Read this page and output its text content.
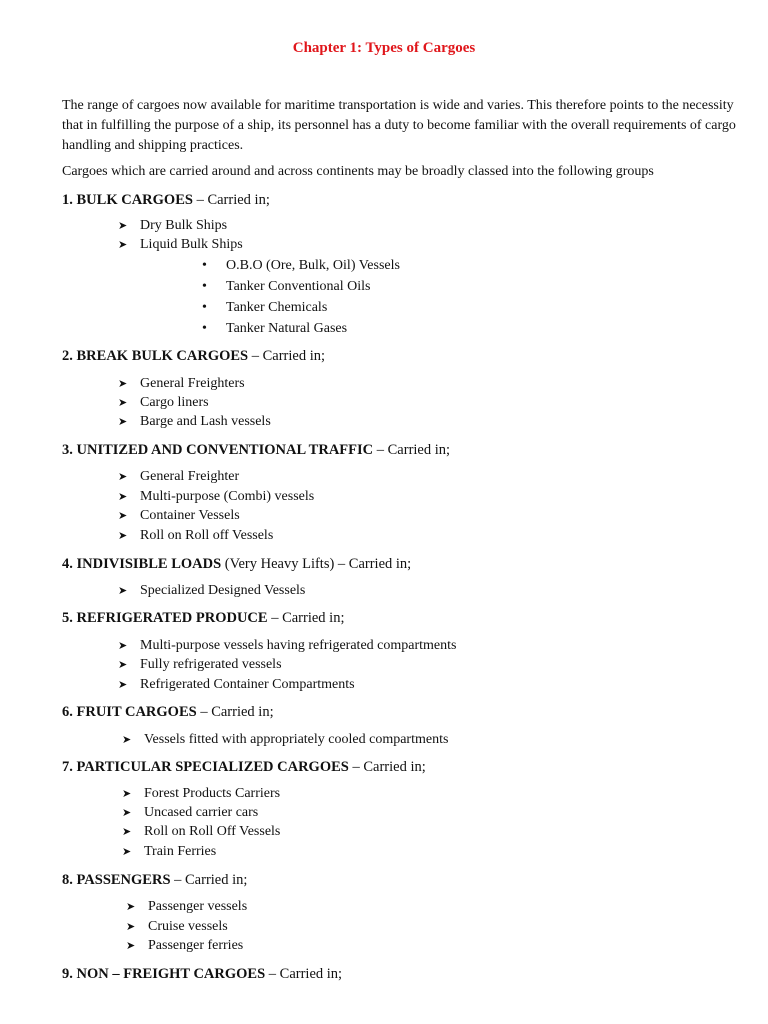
Chapter 1: Types of Cargoes

The range of cargoes now available for maritime transportation is wide and varies. This therefore points to the necessity that in fulfilling the purpose of a ship, its personnel has a duty to become familiar with the overall requirements of cargo handling and shipping practices.

Cargoes which are carried around and across continents may be broadly classed into the following groups

1. BULK CARGOES – Carried in;
➤ Dry Bulk Ships
➤ Liquid Bulk Ships
• O.B.O (Ore, Bulk, Oil) Vessels
• Tanker Conventional Oils
• Tanker Chemicals
• Tanker Natural Gases
2. BREAK BULK CARGOES – Carried in;
➤ General Freighters
➤ Cargo liners
➤ Barge and Lash vessels
3. UNITIZED AND CONVENTIONAL TRAFFIC – Carried in;
➤ General Freighter
➤ Multi-purpose (Combi) vessels
➤ Container Vessels
➤ Roll on Roll off Vessels
4. INDIVISIBLE LOADS (Very Heavy Lifts) – Carried in;
➤ Specialized Designed Vessels
5. REFRIGERATED PRODUCE – Carried in;
➤ Multi-purpose vessels having refrigerated compartments
➤ Fully refrigerated vessels
➤ Refrigerated Container Compartments
6. FRUIT CARGOES – Carried in;
➤ Vessels fitted with appropriately cooled compartments
7. PARTICULAR SPECIALIZED CARGOES – Carried in;
➤ Forest Products Carriers
➤ Uncased carrier cars
➤ Roll on Roll Off Vessels
➤ Train Ferries
8. PASSENGERS – Carried in;
➤ Passenger vessels
➤ Cruise vessels
➤ Passenger ferries
9. NON – FREIGHT CARGOES – Carried in;
